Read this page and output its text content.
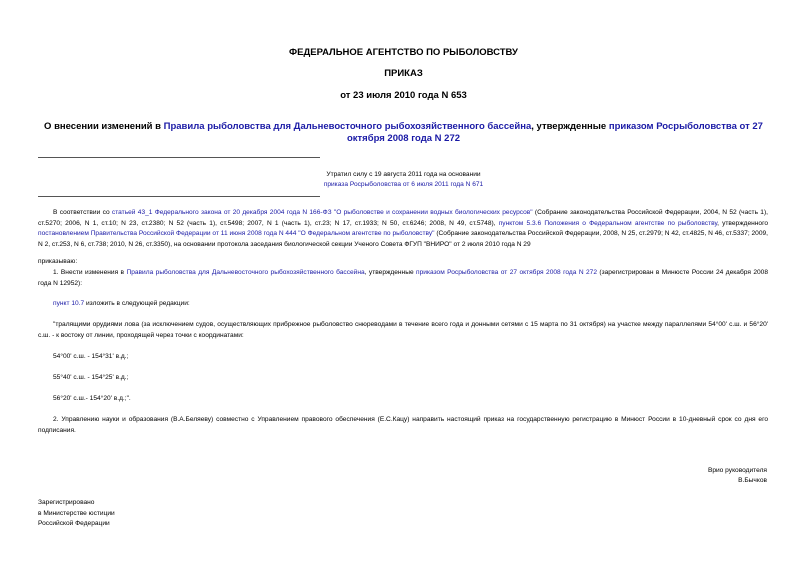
ФЕДЕРАЛЬНОЕ АГЕНТСТВО ПО РЫБОЛОВСТВУ
ПРИКАЗ
от 23 июля 2010 года N 653
О внесении изменений в Правила рыболовства для Дальневосточного рыбохозяйственного бассейна, утвержденные приказом Росрыболовства от 27 октября 2008 года N 272
Утратил силу с 19 августа 2011 года на основании
приказа Росрыболовства от 6 июля 2011 года N 671
В соответствии со статьей 43_1 Федерального закона от 20 декабря 2004 года N 166-ФЗ "О рыболовстве и сохранении водных биологических ресурсов" (Собрание законодательства Российской Федерации, 2004, N 52 (часть 1), ст.5270; 2006, N 1, ст.10; N 23, ст.2380; N 52 (часть 1), ст.5498; 2007, N 1 (часть 1), ст.23; N 17, ст.1933; N 50, ст.6246; 2008, N 49, ст.5748), пунктом 5.3.6 Положения о Федеральном агентстве по рыболовству, утвержденного постановлением Правительства Российской Федерации от 11 июня 2008 года N 444 "О Федеральном агентстве по рыболовству" (Собрание законодательства Российской Федерации, 2008, N 25, ст.2979; N 42, ст.4825, N 46, ст.5337; 2009, N 2, ст.253, N 6, ст.738; 2010, N 26, ст.3350), на основании протокола заседания биологической секции Ученого Совета ФГУП "ВНИРО" от 2 июля 2010 года N 29
приказываю:
1. Внести изменения в Правила рыболовства для Дальневосточного рыбохозяйственного бассейна, утвержденные приказом Росрыболовства от 27 октября 2008 года N 272 (зарегистрирован в Минюсте России 24 декабря 2008 года N 12952):
пункт 10.7 изложить в следующей редакции:
"тралящими орудиями лова (за исключением судов, осуществляющих прибрежное рыболовство снюреводами в течение всего года и донными сетями с 15 марта по 31 октября) на участке между параллелями 54°00' с.ш. и 56°20' с.ш. - к востоку от линии, проходящей через точки с координатами:
54°00' с.ш. - 154°31' в.д.;
55°40' с.ш. - 154°25' в.д.;
56°20' с.ш.- 154°20' в.д.;".
2. Управлению науки и образования (В.А.Беляеву) совместно с Управлением правового обеспечения (Е.С.Кацу) направить настоящий приказ на государственную регистрацию в Минюст России в 10-дневный срок со дня его подписания.
Врио руководителя
В.Бычков
Зарегистрировано
в Министерстве юстиции
Российской Федерации
